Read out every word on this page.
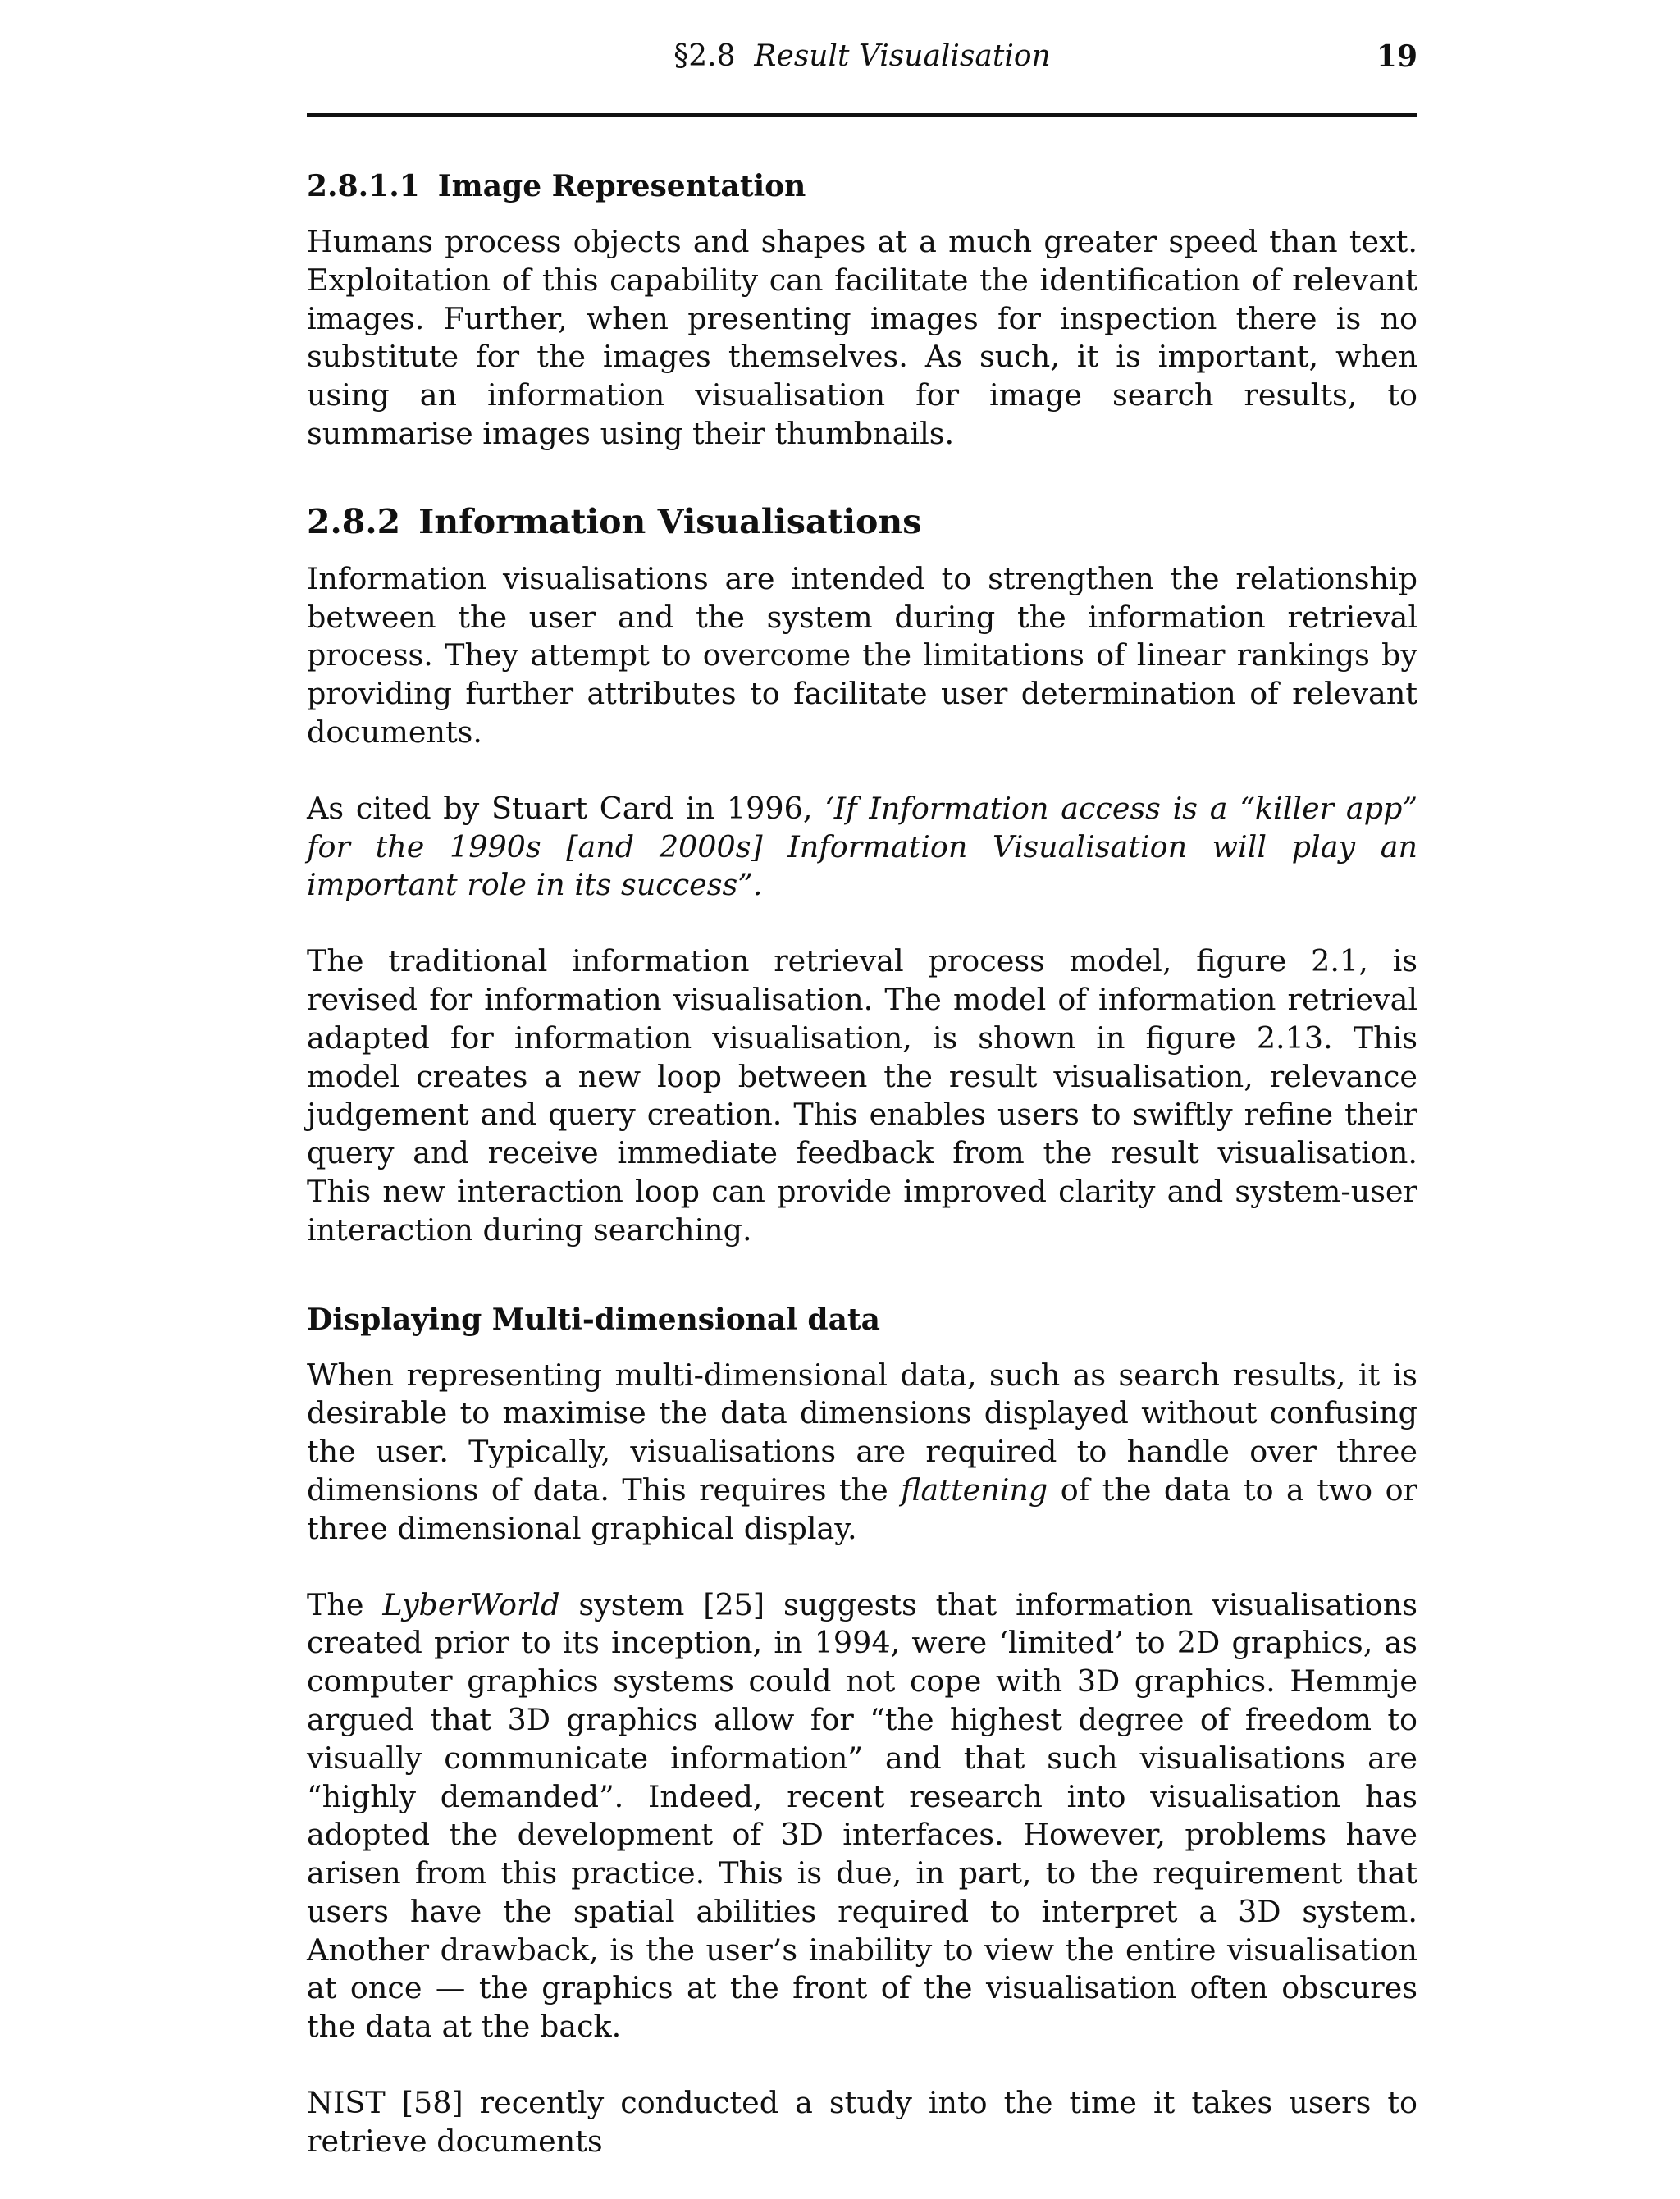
§2.8 Result Visualisation	19
2.8.1.1 Image Representation

Humans process objects and shapes at a much greater speed than text. Exploitation of this capability can facilitate the identification of relevant images. Further, when presenting images for inspection there is no substitute for the images themselves. As such, it is important, when using an information visualisation for image search results, to summarise images using their thumbnails.

2.8.2 Information Visualisations

Information visualisations are intended to strengthen the relationship between the user and the system during the information retrieval process. They attempt to overcome the limitations of linear rankings by providing further attributes to facilitate user determination of relevant documents.

As cited by Stuart Card in 1996, ‘If Information access is a “killer app” for the 1990s [and 2000s] Information Visualisation will play an important role in its success”.

The traditional information retrieval process model, figure 2.1, is revised for information visualisation. The model of information retrieval adapted for information visualisation, is shown in figure 2.13. This model creates a new loop between the result visualisation, relevance judgement and query creation. This enables users to swiftly refine their query and receive immediate feedback from the result visualisation. This new interaction loop can provide improved clarity and system-user interaction during searching.

Displaying Multi-dimensional data

When representing multi-dimensional data, such as search results, it is desirable to maximise the data dimensions displayed without confusing the user. Typically, visualisations are required to handle over three dimensions of data. This requires the flattening of the data to a two or three dimensional graphical display.

The LyberWorld system [25] suggests that information visualisations created prior to its inception, in 1994, were ‘limited’ to 2D graphics, as computer graphics systems could not cope with 3D graphics. Hemmje argued that 3D graphics allow for “the highest degree of freedom to visually communicate information” and that such visualisations are “highly demanded”. Indeed, recent research into visualisation has adopted the development of 3D interfaces. However, problems have arisen from this practice. This is due, in part, to the requirement that users have the spatial abilities required to interpret a 3D system. Another drawback, is the user’s inability to view the entire visualisation at once — the graphics at the front of the visualisation often obscures the data at the back.

NIST [58] recently conducted a study into the time it takes users to retrieve documents
